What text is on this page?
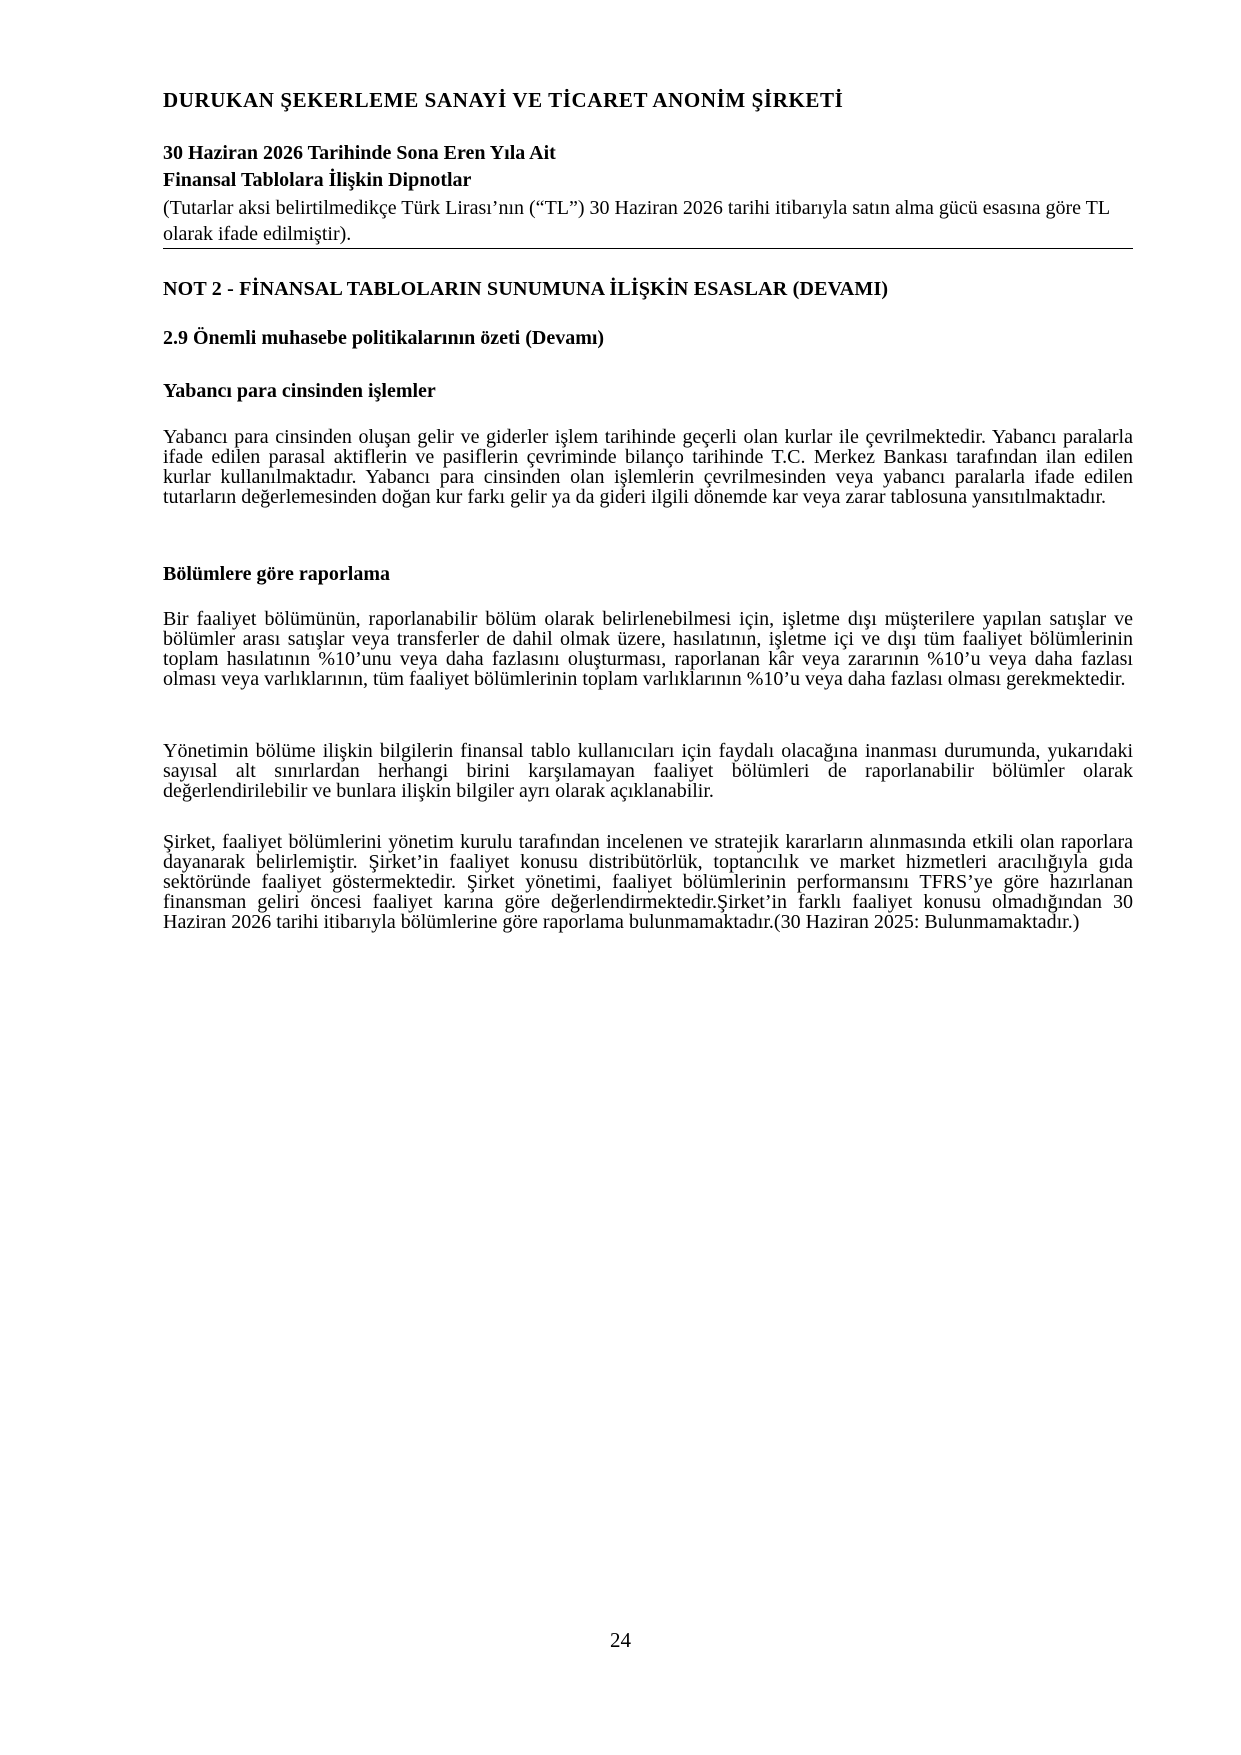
DURUKAN ŞEKERLEME SANAYİ VE TİCARET ANONİM ŞİRKETİ
30 Haziran 2026 Tarihinde Sona Eren Yıla Ait
Finansal Tablolara İlişkin Dipnotlar
(Tutarlar aksi belirtilmedikçe Türk Lirası’nın (“TL”) 30 Haziran 2026 tarihi itibarıyla satın alma gücü esasına göre TL olarak ifade edilmiştir).
NOT 2 - FİNANSAL TABLOLARIN SUNUMUNA İLİŞKİN ESASLAR (DEVAMI)
2.9 Önemli muhasebe politikalarının özeti (Devamı)
Yabancı para cinsinden işlemler
Yabancı para cinsinden oluşan gelir ve giderler işlem tarihinde geçerli olan kurlar ile çevrilmektedir. Yabancı paralarla ifade edilen parasal aktiflerin ve pasiflerin çevriminde bilanço tarihinde T.C. Merkez Bankası tarafından ilan edilen kurlar kullanılmaktadır. Yabancı para cinsinden olan işlemlerin çevrilmesinden veya yabancı paralarla ifade edilen tutarların değerlemesinden doğan kur farkı gelir ya da gideri ilgili dönemde kar veya zarar tablosuna yansıtılmaktadır.
Bölümlere göre raporlama
Bir faaliyet bölümünün, raporlanabilir bölüm olarak belirlenebilmesi için, işletme dışı müşterilere yapılan satışlar ve bölümler arası satışlar veya transferler de dahil olmak üzere, hasılatının, işletme içi ve dışı tüm faaliyet bölümlerinin toplam hasılatının %10’unu veya daha fazlasını oluşturması, raporlanan kâr veya zararının %10’u veya daha fazlası olması veya varlıklarının, tüm faaliyet bölümlerinin toplam varlıklarının %10’u veya daha fazlası olması gerekmektedir.
Yönetimin bölüme ilişkin bilgilerin finansal tablo kullanıcıları için faydalı olacağına inanması durumunda, yukarıdaki sayısal alt sınırlardan herhangi birini karşılamayan faaliyet bölümleri de raporlanabilir bölümler olarak değerlendirilebilir ve bunlara ilişkin bilgiler ayrı olarak açıklanabilir.
Şirket, faaliyet bölümlerini yönetim kurulu tarafından incelenen ve stratejik kararların alınmasında etkili olan raporlara dayanarak belirlemiştir. Şirket’in faaliyet konusu distribütörlük, toptancılık ve market hizmetleri aracılığıyla gıda sektöründe faaliyet göstermektedir. Şirket yönetimi, faaliyet bölümlerinin performansını TFRS’ye göre hazırlanan finansman geliri öncesi faaliyet karına göre değerlendirmektedir.Şirket’in farklı faaliyet konusu olmadığından 30 Haziran 2026 tarihi itibarıyla bölümlerine göre raporlama bulunmamaktadır.(30 Haziran 2025: Bulunmamaktadır.)
24
